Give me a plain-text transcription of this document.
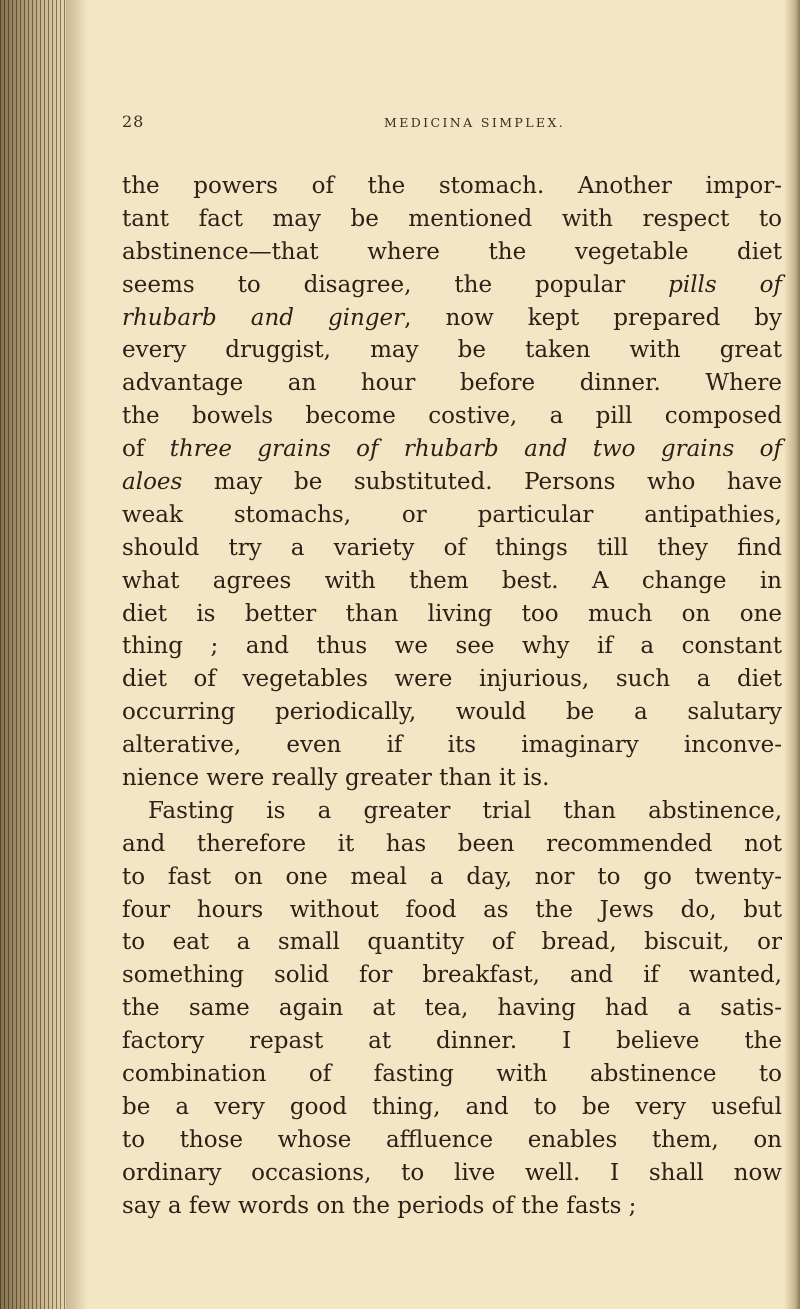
28	MEDICINA SIMPLEX.
the powers of the stomach. Another impor-
tant fact may be mentioned with respect to
abstinence—that where the vegetable diet
seems to disagree, the popular pills of
rhubarb and ginger, now kept prepared by
every druggist, may be taken with great
advantage an hour before dinner. Where
the bowels become costive, a pill composed
of three grains of rhubarb and two grains of
aloes may be substituted. Persons who have
weak stomachs, or particular antipathies,
should try a variety of things till they find
what agrees with them best. A change in
diet is better than living too much on one
thing ; and thus we see why if a constant
diet of vegetables were injurious, such a diet
occurring periodically, would be a salutary
alterative, even if its imaginary inconve-
nience were really greater than it is.
Fasting is a greater trial than abstinence,
and therefore it has been recommended not
to fast on one meal a day, nor to go twenty-
four hours without food as the Jews do, but
to eat a small quantity of bread, biscuit, or
something solid for breakfast, and if wanted,
the same again at tea, having had a satis-
factory repast at dinner. I believe the
combination of fasting with abstinence to
be a very good thing, and to be very useful
to those whose affluence enables them, on
ordinary occasions, to live well. I shall now
say a few words on the periods of the fasts ;
